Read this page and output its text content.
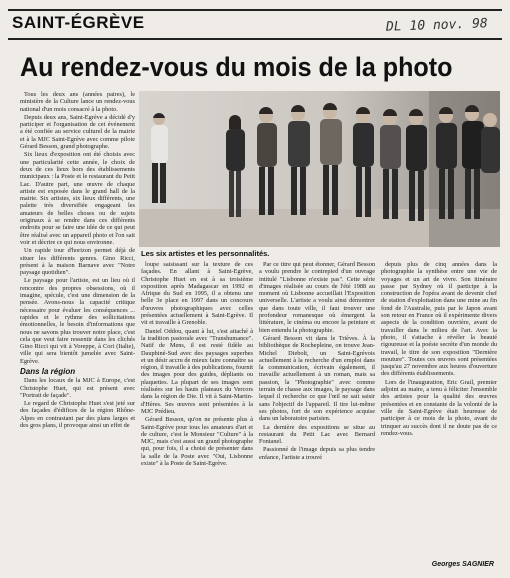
SAINT-ÉGRÈVE	DL 10 nov. 98
Au rendez-vous du mois de la photo

Tous les deux ans (années paires), le ministère de la Culture lance un rendez-vous national d'un mois consacré à la photo.

Depuis deux ans, Saint-Egrève a décidé d'y participer et l'organisation de cet événement a été confiée au service culturel de la mairie et à la MJC Saint-Egrève avec comme pilote Gérard Besson, grand photographe.

Six lieux d'exposition ont été choisis avec une particularité cette année, le choix de deux de ces lieux hors des établissements municipaux : la Poste et le restaurant du Petit Lac. D'autre part, une œuvre de chaque artiste est exposée dans le grand hall de la mairie. Six artistes, six lieux différents, une palette très diversifiée engageant les amateurs de belles choses ou de sujets originaux à se rendre dans ces différents endroits pour se faire une idée de ce qui peut être réalisé avec un appareil photo et l'on sait voir et décrire ce qui nous environne.

Un rapide tour d'horizon permet déjà de situer les différents genres. Gino Ricci, présent à la maison Barnave avec "Notre paysage quotidien".

Le paysage pour l'artiste, est un lieu où il rencontre des propres obsessions, où il imagine, spécule, c'est une dimension de la pensée. Avons-nous la capacité critique nécessaire pour évaluer les conséquences ... rapides et le rythme des sollicitations émotionnelles, le besoin d'informations que nous ne savons plus trouver notre place, c'est cela que veut faire ressentir dans les clichés Gino Ricci qui vit à Voreppe, à Cori (Italie), ville qui sera bientôt jumelée avec Saint-Egrève.

Dans la région

Dans les locaux de la MJC à Europe, c'est Christophe Huet, qui est présent avec "Portrait de façade".

Le regard de Christophe Huet s'est jeté sur des façades d'édifices de la région Rhône-Alpes en contrastant par des plans larges et des gros plans, il provoque ainsi un effet de

Les six artistes et les personnalités.

loupe saisissant sur la texture de ces façades. En allant à Saint-Egrève, Christophe Huet en est à sa troisième exposition après Madagascar en 1992 et Afrique du Sud en 1995, il a obtenu une belle 3e place en 1997 dans un concours d'œuvres photographiques avec celles présentées actuellement à Saint-Egrève. Il vit et travaille à Grenoble.

Daniel Oddou, quant à lui, s'est attaché à la tradition pastorale avec "Transhumance". Natif de Mens, il est resté fidèle au Dauphiné-Sud avec des paysages superbes et un désir accru de mieux faire connaître sa région, il travaille à des publications, fournit des images pour des guides, dépliants ou plaquettes. La plupart de ses images sont réalisées sur les hauts plateaux du Vercors dans la région de Die. Il vit à Saint-Martin-d'Hères. Ses œuvres sont présentées à la MJC Prédieu.

Gérard Besson, qu'on ne présente plus à Saint-Egrève pour tous les amateurs d'art et de culture, c'est le Monsieur "Culture" à la MJC, mais c'est aussi un grand photographe qui, pour fois, il a choisi de présenter dans la salle de la Poste avec "Oui, Lisbonne existe" à la Poste de Saint-Egrève.

Par ce titre qui peut étonner, Gérard Besson a voulu prendre le contrepied d'un ouvrage intitulé "Lisbonne n'existe pas". Cette série d'images réalisée au cours de l'été 1988 au moment où Lisbonne accueillait l'Exposition universelle. L'artiste a voulu ainsi démontrer que dans toute ville, il faut trouver une profondeur romanesque où émergent la littérature, le cinéma ou encore la peinture et bien entendu la photographie.

Gérard Besson vit dans le Trièves. À la bibliothèque de Rochepleine, on trouve Jean-Michel Diebolt, un Saint-Egrévois actuellement à la recherche d'un emploi dans la communication, écrivain également, il travaille actuellement à un roman, mais sa passion, la "Photographie" avec comme terrain de chasse aux images, le paysage dans lequel il recherche ce que l'œil ne sait saisir sans l'objectif de l'appareil. Il tire lui-même ses photos, fort de son expérience acquise dans un laboratoire parisien.

La dernière des expositions se situe au restaurant du Petit Lac avec Bernard Fontanel.

Passionné de l'image depuis sa plus tendre enfance, l'artiste a trouvé

depuis plus de cinq années dans la photographie la synthèse entre une vie de voyages et un art de vivre. Son itinéraire passe par Sydney où il participe à la construction de l'opéra avant de devenir chef de station d'exploitation dans une mine au fin fond de l'Australie, puis par le Japon avant son retour en France où il expérimente divers aspects de la condition ouvrière, avant de travailler dans le milieu de l'art. Avec la photo, il s'attache à révéler la beauté rigoureuse et la poésie secrète d'un monde du travail, le titre de son exposition "Dernière mouture". Toutes ces œuvres sont présentées jusqu'au 27 novembre aux heures d'ouverture des différents établissements.

Lors de l'inauguration, Eric Grail, premier adjoint au maire, a tenu à féliciter l'ensemble des artistes pour la qualité des œuvres présentées et en constante de la volonté de la ville de Saint-Egrève était heureuse de participer à ce mois de la photo, avant de trinquer au succès dont il ne doute pas de ce rendez-vous.

Georges SAGNIER
